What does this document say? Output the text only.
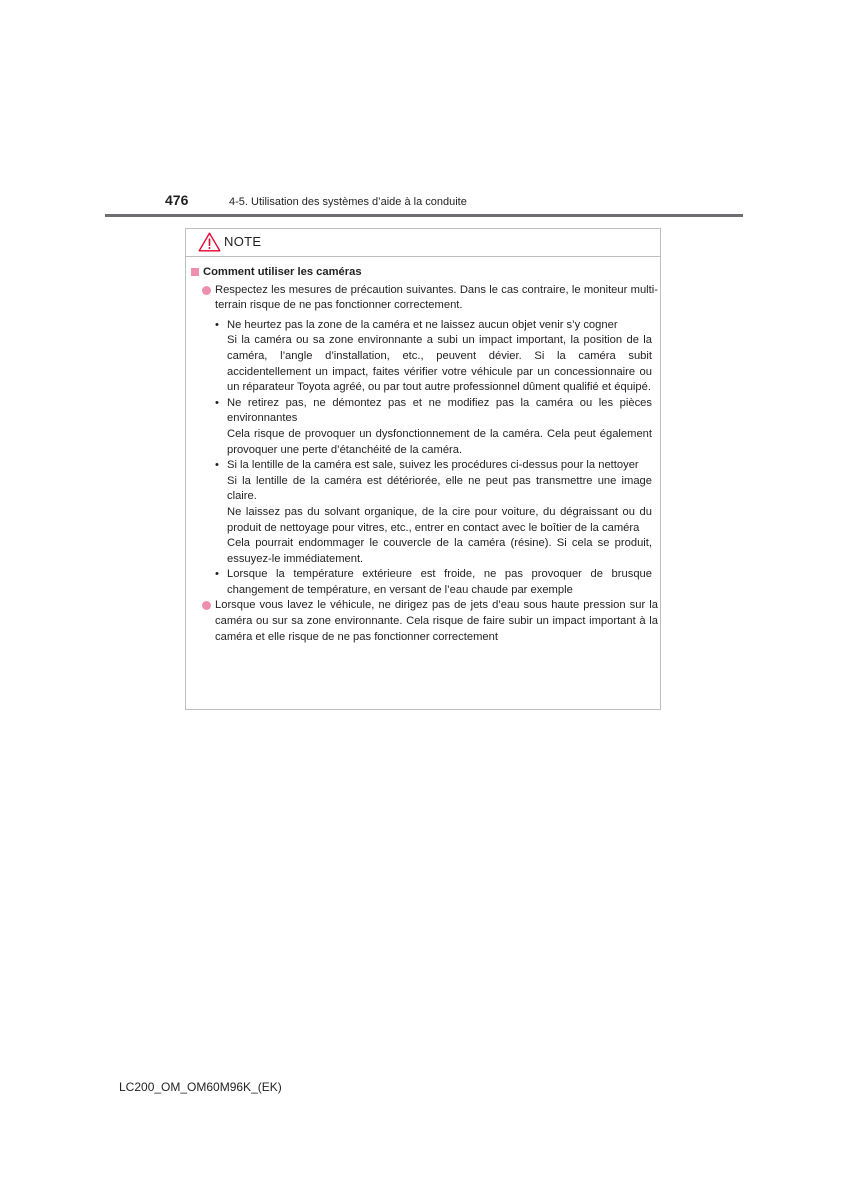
476	4-5. Utilisation des systèmes d’aide à la conduite
NOTE
Comment utiliser les caméras
Respectez les mesures de précaution suivantes. Dans le cas contraire, le moniteur multi-terrain risque de ne pas fonctionner correctement.
• Ne heurtez pas la zone de la caméra et ne laissez aucun objet venir s’y cogner
Si la caméra ou sa zone environnante a subi un impact important, la position de la caméra, l’angle d’installation, etc., peuvent dévier. Si la caméra subit accidentellement un impact, faites vérifier votre véhicule par un concessionnaire ou un réparateur Toyota agréé, ou par tout autre professionnel dûment qualifié et équipé.
• Ne retirez pas, ne démontez pas et ne modifiez pas la caméra ou les pièces environnantes
Cela risque de provoquer un dysfonctionnement de la caméra. Cela peut également provoquer une perte d’étanchéité de la caméra.
• Si la lentille de la caméra est sale, suivez les procédures ci-dessus pour la nettoyer
Si la lentille de la caméra est détériorée, elle ne peut pas transmettre une image claire.
Ne laissez pas du solvant organique, de la cire pour voiture, du dégraissant ou du produit de nettoyage pour vitres, etc., entrer en contact avec le boîtier de la caméra
Cela pourrait endommager le couvercle de la caméra (résine). Si cela se produit, essuyez-le immédiatement.
• Lorsque la température extérieure est froide, ne pas provoquer de brusque changement de température, en versant de l’eau chaude par exemple
Lorsque vous lavez le véhicule, ne dirigez pas de jets d’eau sous haute pression sur la caméra ou sur sa zone environnante. Cela risque de faire subir un impact important à la caméra et elle risque de ne pas fonctionner correctement
LC200_OM_OM60M96K_(EK)
